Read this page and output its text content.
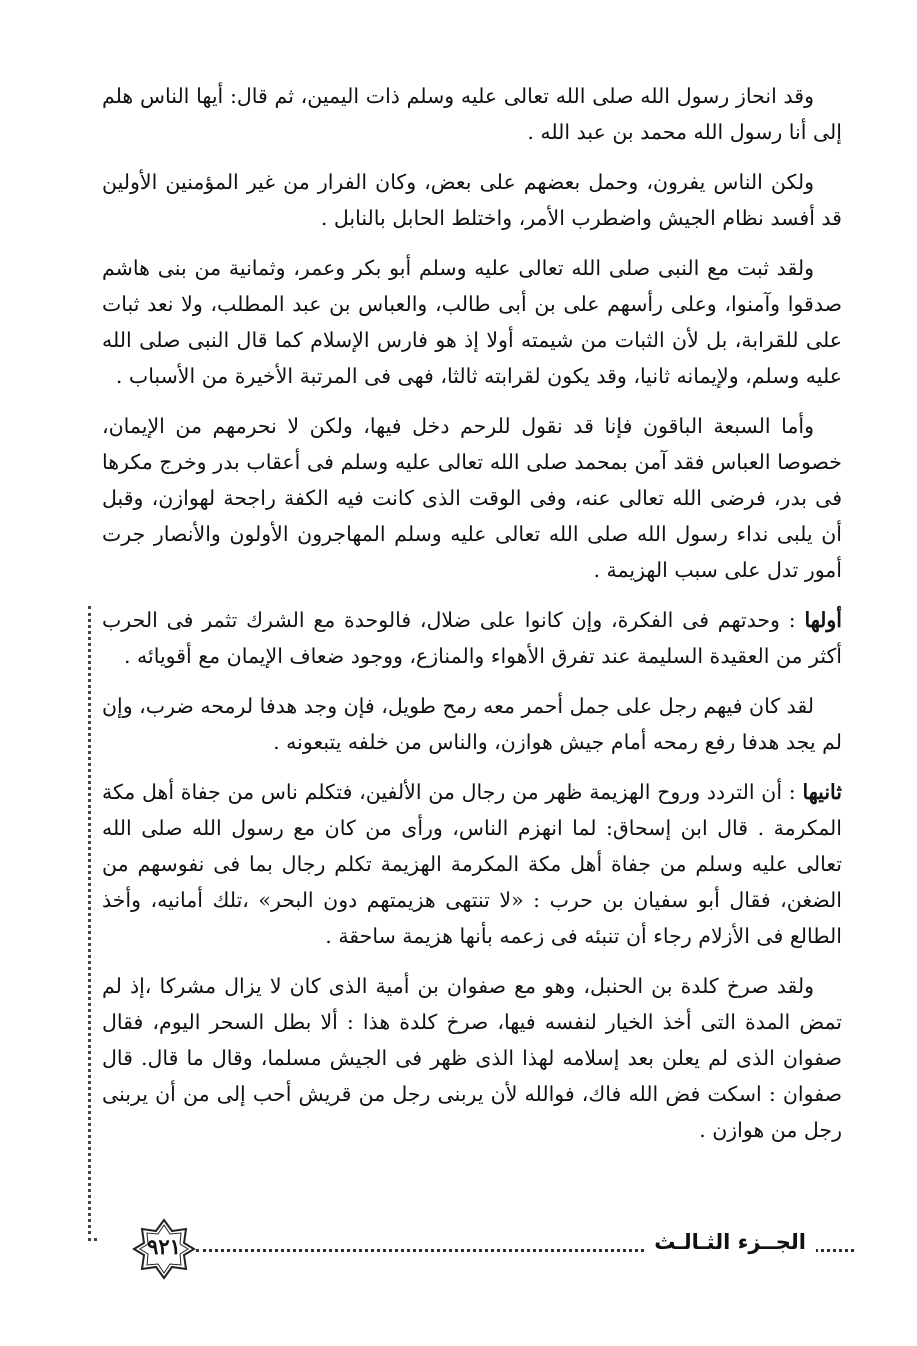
وقد انحاز رسول الله صلى الله تعالى عليه وسلم ذات اليمين، ثم قال: أيها الناس هلم إلى أنا رسول الله محمد بن عبد الله .

ولكن الناس يفرون، وحمل بعضهم على بعض، وكان الفرار من غير المؤمنين الأولين قد أفسد نظام الجيش واضطرب الأمر، واختلط الحابل بالنابل .

ولقد ثبت مع النبى صلى الله تعالى عليه وسلم أبو بكر وعمر، وثمانية من بنى هاشم صدقوا وآمنوا، وعلى رأسهم على بن أبى طالب، والعباس بن عبد المطلب، ولا نعد ثبات على للقرابة، بل لأن الثبات من شيمته أولا إذ هو فارس الإسلام كما قال النبى صلى الله عليه وسلم، ولإيمانه ثانيا، وقد يكون لقرابته ثالثا، فهى فى المرتبة الأخيرة من الأسباب .

وأما السبعة الباقون فإنا قد نقول للرحم دخل فيها، ولكن لا نحرمهم من الإيمان، خصوصا العباس فقد آمن بمحمد صلى الله تعالى عليه وسلم فى أعقاب بدر وخرج مكرها فى بدر، فرضى الله تعالى عنه، وفى الوقت الذى كانت فيه الكفة راجحة لهوازن، وقبل أن يلبى نداء رسول الله صلى الله تعالى عليه وسلم المهاجرون الأولون والأنصار جرت أمور تدل على سبب الهزيمة .

أولها : وحدتهم فى الفكرة، وإن كانوا على ضلال، فالوحدة مع الشرك تثمر فى الحرب أكثر من العقيدة السليمة عند تفرق الأهواء والمنازع، ووجود ضعاف الإيمان مع أقويائه .

لقد كان فيهم رجل على جمل أحمر معه رمح طويل، فإن وجد هدفا لرمحه ضرب، وإن لم يجد هدفا رفع رمحه أمام جيش هوازن، والناس من خلفه يتبعونه .

ثانيها : أن التردد وروح الهزيمة ظهر من رجال من الألفين، فتكلم ناس من جفاة أهل مكة المكرمة . قال ابن إسحاق: لما انهزم الناس، ورأى من كان مع رسول الله صلى الله تعالى عليه وسلم من جفاة أهل مكة المكرمة الهزيمة تكلم رجال بما فى نفوسهم من الضغن، فقال أبو سفيان بن حرب : «لا تنتهى هزيمتهم دون البحر» ،تلك أمانيه، وأخذ الطالع فى الأزلام رجاء أن تنبئه فى زعمه بأنها هزيمة ساحقة .

ولقد صرخ كلدة بن الحنبل، وهو مع صفوان بن أمية الذى كان لا يزال مشركا ،إذ لم تمض المدة التى أخذ الخيار لنفسه فيها، صرخ كلدة هذا : ألا بطل السحر اليوم، فقال صفوان الذى لم يعلن بعد إسلامه لهذا الذى ظهر فى الجيش مسلما، وقال ما قال. قال صفوان : اسكت فض الله فاك، فوالله لأن يربنى رجل من قريش أحب إلى من أن يربنى رجل من هوازن .

الجــزء الثـالـث
٩٢١
